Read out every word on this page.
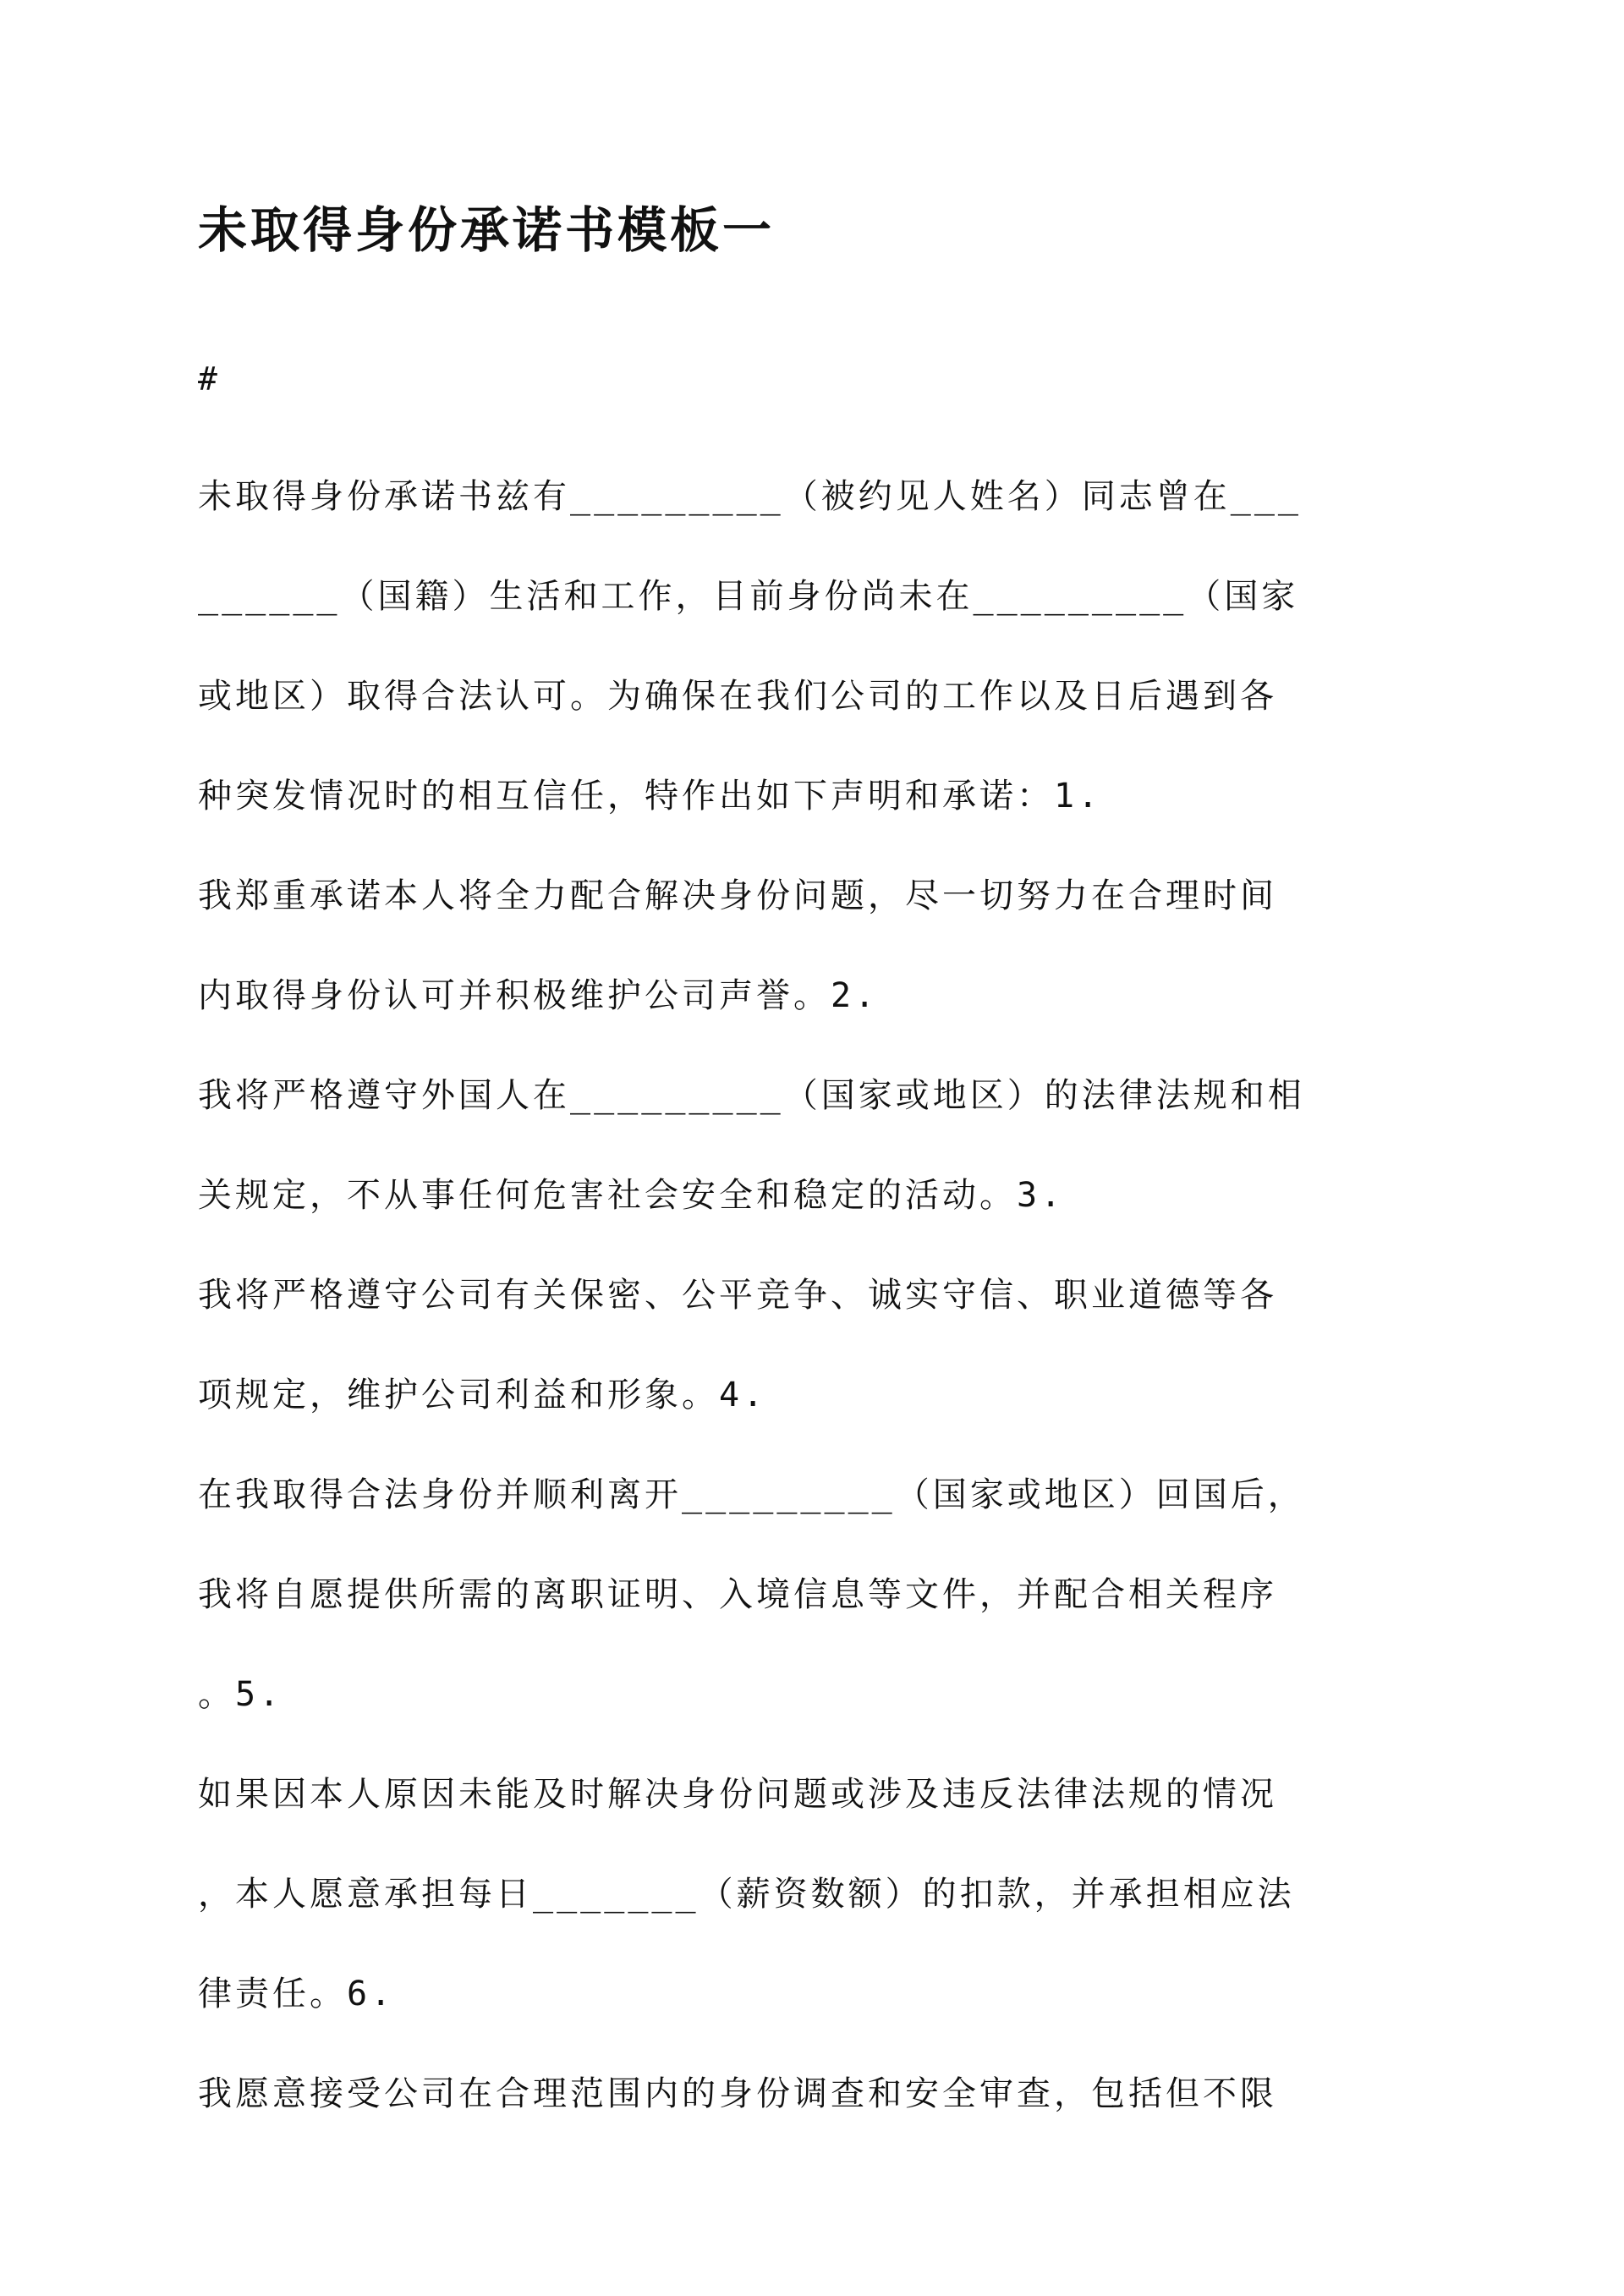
未取得身份承诺书模板一
#
未取得身份承诺书兹有_________（被约见人姓名）同志曾在___
______（国籍）生活和工作，目前身份尚未在_________（国家
或地区）取得合法认可。为确保在我们公司的工作以及日后遇到各
种突发情况时的相互信任，特作出如下声明和承诺：1.
我郑重承诺本人将全力配合解决身份问题，尽一切努力在合理时间
内取得身份认可并积极维护公司声誉。2.
我将严格遵守外国人在_________（国家或地区）的法律法规和相
关规定，不从事任何危害社会安全和稳定的活动。3.
我将严格遵守公司有关保密、公平竞争、诚实守信、职业道德等各
项规定，维护公司利益和形象。4.
在我取得合法身份并顺利离开_________（国家或地区）回国后，
我将自愿提供所需的离职证明、入境信息等文件，并配合相关程序
。5.
如果因本人原因未能及时解决身份问题或涉及违反法律法规的情况
，本人愿意承担每日_______（薪资数额）的扣款，并承担相应法
律责任。6.
我愿意接受公司在合理范围内的身份调查和安全审查，包括但不限
